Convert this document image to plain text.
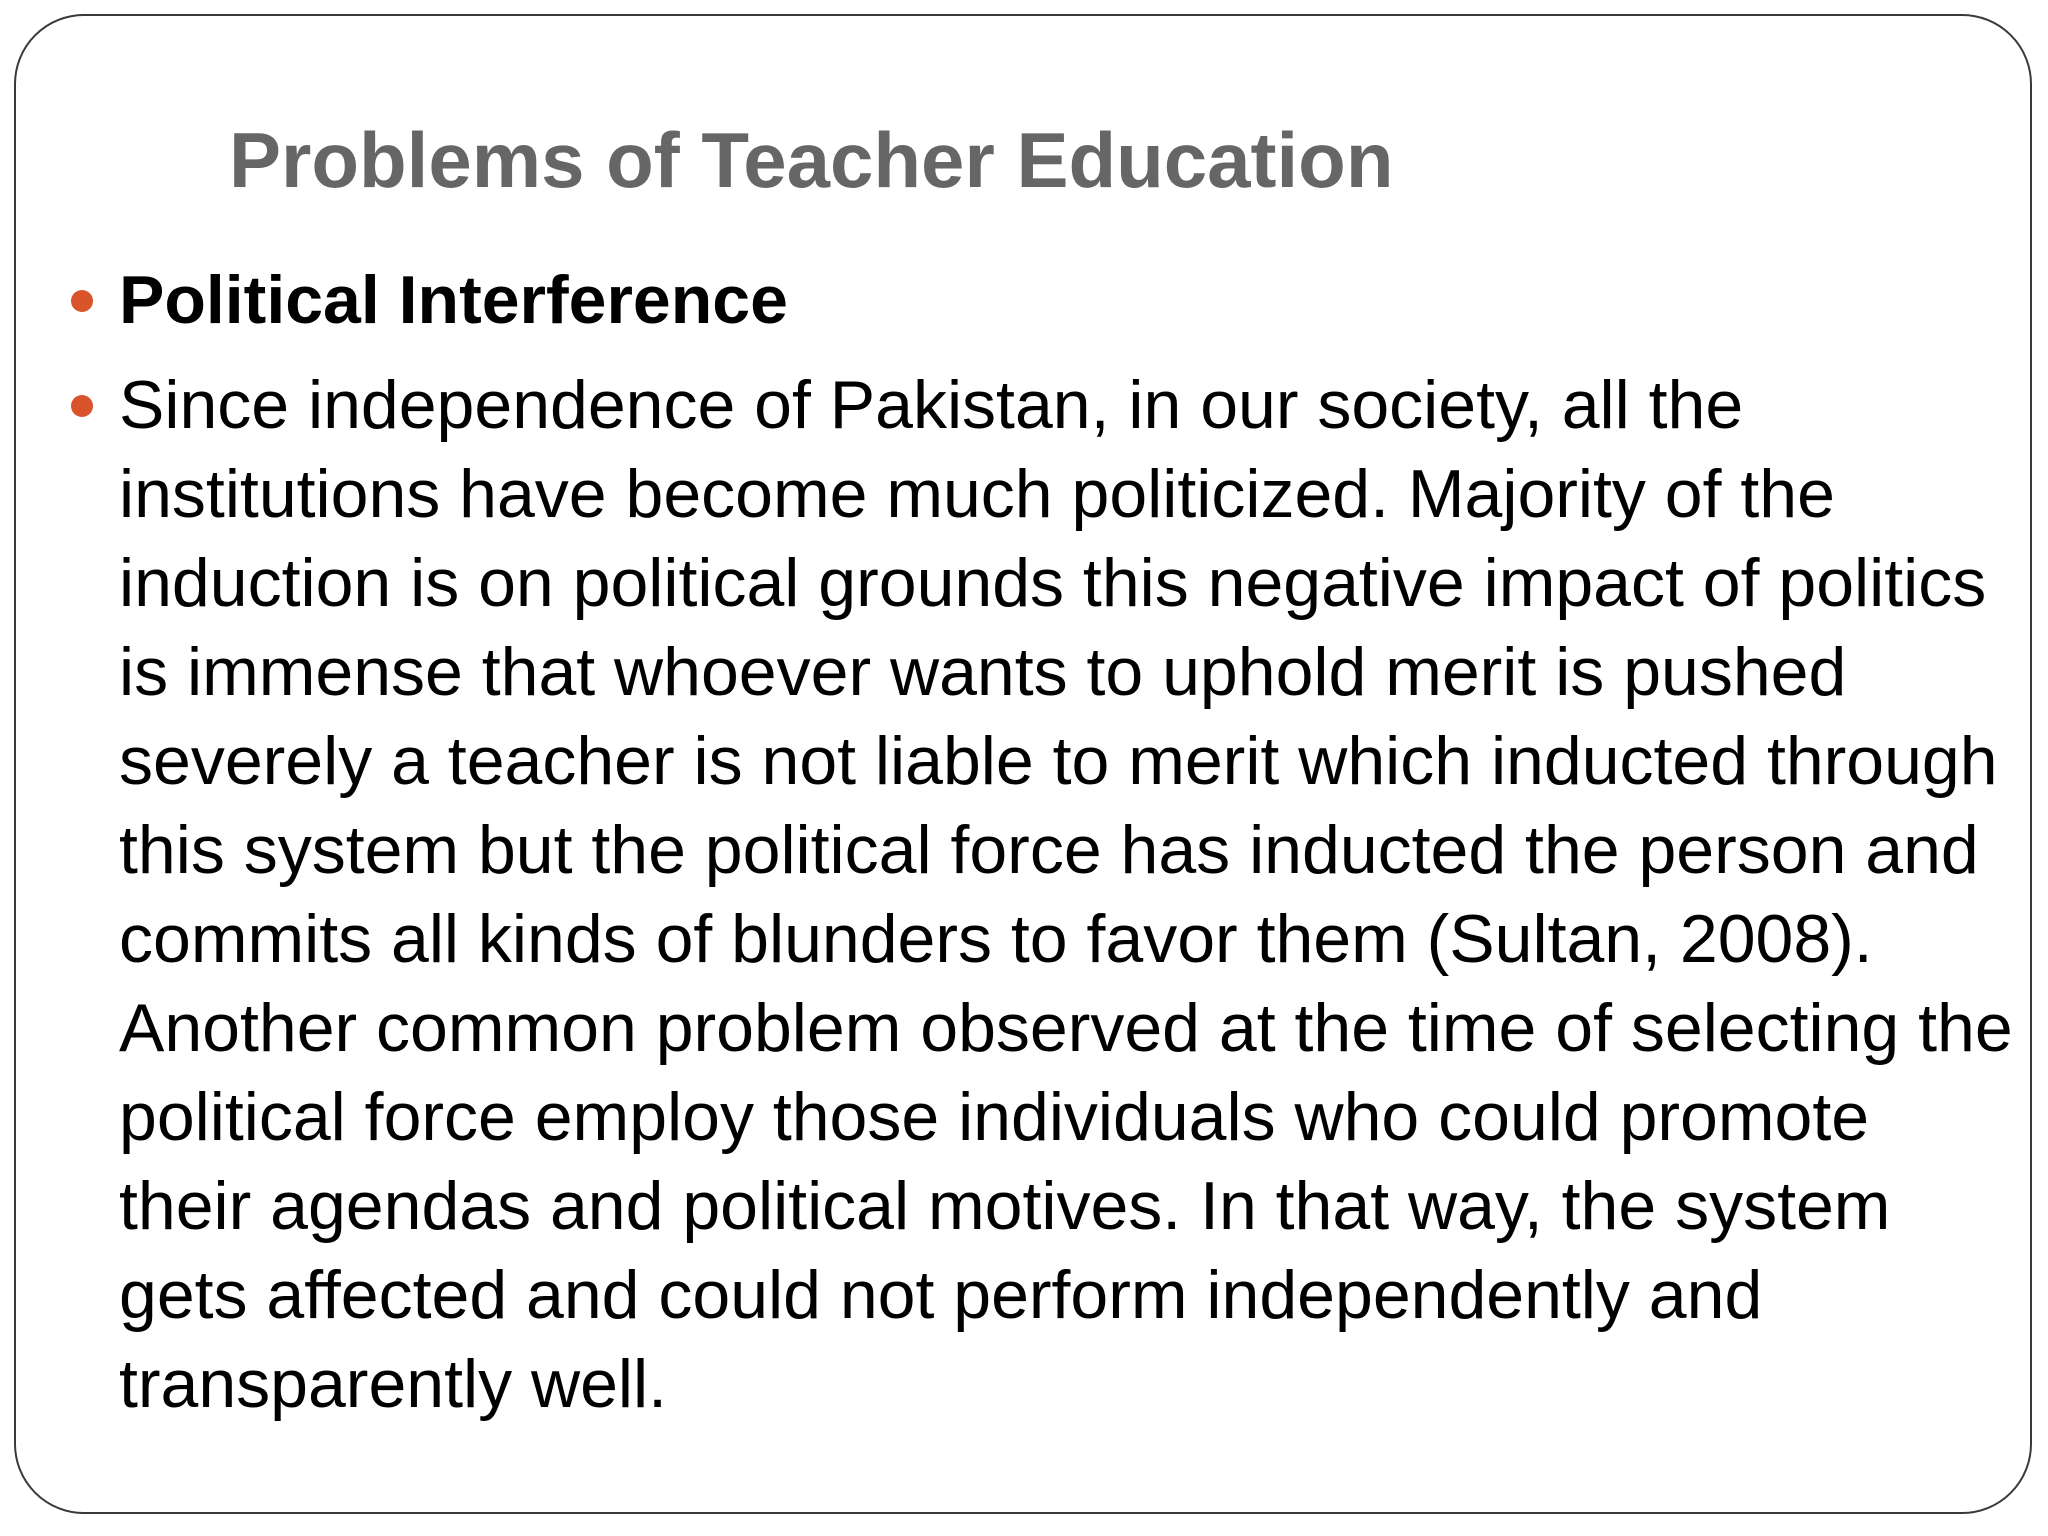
Problems of Teacher Education
Political Interference
Since independence of Pakistan, in our society, all the institutions have become much politicized. Majority of the induction is on political grounds this negative impact of politics is immense that whoever wants to uphold merit is pushed severely a teacher is not liable to merit which inducted through this system but the political force has inducted the person and commits all kinds of blunders to favor them (Sultan, 2008). Another common problem observed at the time of selecting the political force employ those individuals who could promote their agendas and political motives. In that way, the system gets affected and could not perform independently and transparently well.
